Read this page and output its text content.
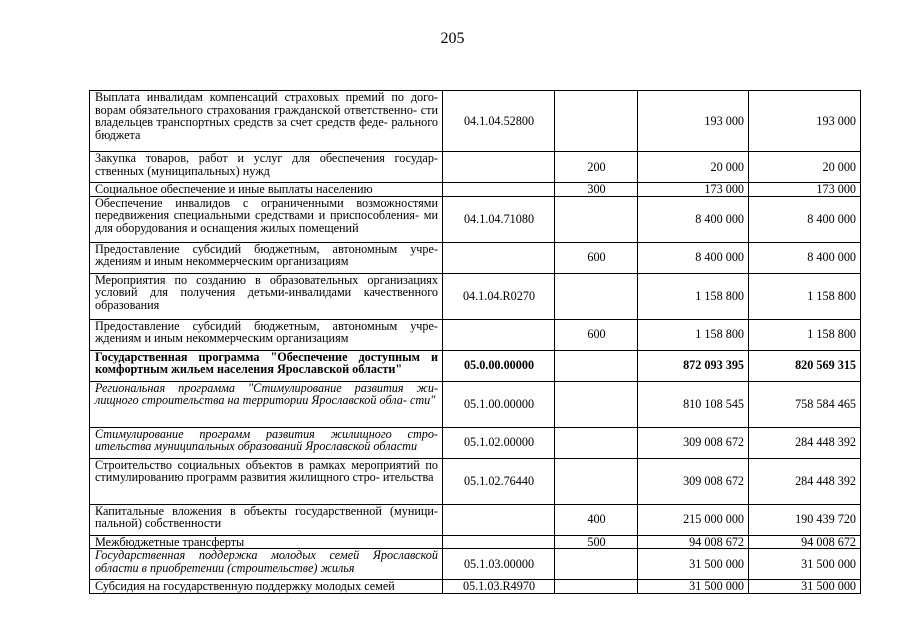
205
Выплата инвалидам компенсаций страховых премий по дого- ворам обязательного страхования гражданской ответственно- сти владельцев транспортных средств за счет средств феде- рального бюджета	04.1.04.52800		193 000	193 000
Закупка товаров, работ и услуг для обеспечения государ- ственных (муниципальных) нужд		200	20 000	20 000
Социальное обеспечение и иные выплаты населению		300	173 000	173 000
Обеспечение инвалидов с ограниченными возможностями передвижения специальными средствами и приспособления- ми для оборудования и оснащения жилых помещений	04.1.04.71080		8 400 000	8 400 000
Предоставление субсидий бюджетным, автономным учре- ждениям и иным некоммерческим организациям		600	8 400 000	8 400 000
Мероприятия по созданию в образовательных организациях условий для получения детьми-инвалидами качественного образования	04.1.04.R0270		1 158 800	1 158 800
Предоставление субсидий бюджетным, автономным учре- ждениям и иным некоммерческим организациям		600	1 158 800	1 158 800
Государственная программа "Обеспечение доступным и комфортным жильем населения Ярославской области"	05.0.00.00000		872 093 395	820 569 315
Региональная программа "Стимулирование развития жи- лищного строительства на территории Ярославской обла- сти"	05.1.00.00000		810 108 545	758 584 465
Стимулирование программ развития жилищного стро- ительства муниципальных образований Ярославской области	05.1.02.00000		309 008 672	284 448 392
Строительство социальных объектов в рамках мероприятий по стимулированию программ развития жилищного стро- ительства	05.1.02.76440		309 008 672	284 448 392
Капитальные вложения в объекты государственной (муници- пальной) собственности		400	215 000 000	190 439 720
Межбюджетные трансферты		500	94 008 672	94 008 672
Государственная поддержка молодых семей Ярославской области в приобретении (строительстве) жилья	05.1.03.00000		31 500 000	31 500 000
Субсидия на государственную поддержку молодых семей	05.1.03.R4970		31 500 000	31 500 000
